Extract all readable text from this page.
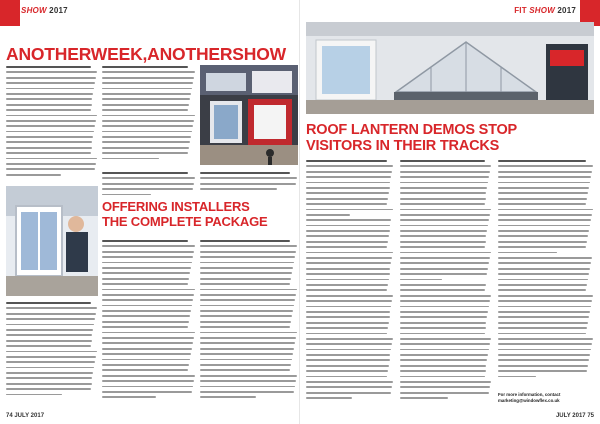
SHOW 2017
ANOTHERWEEK,ANOTHERSHOW
OFFERING INSTALLERS
THE COMPLETE PACKAGE
74 JULY 2017
FIT SHOW 2017
ROOF LANTERN DEMOS STOP
VISITORS IN THEIR TRACKS
For more information, contact marketing@windowflex.co.uk
JULY 2017 75
